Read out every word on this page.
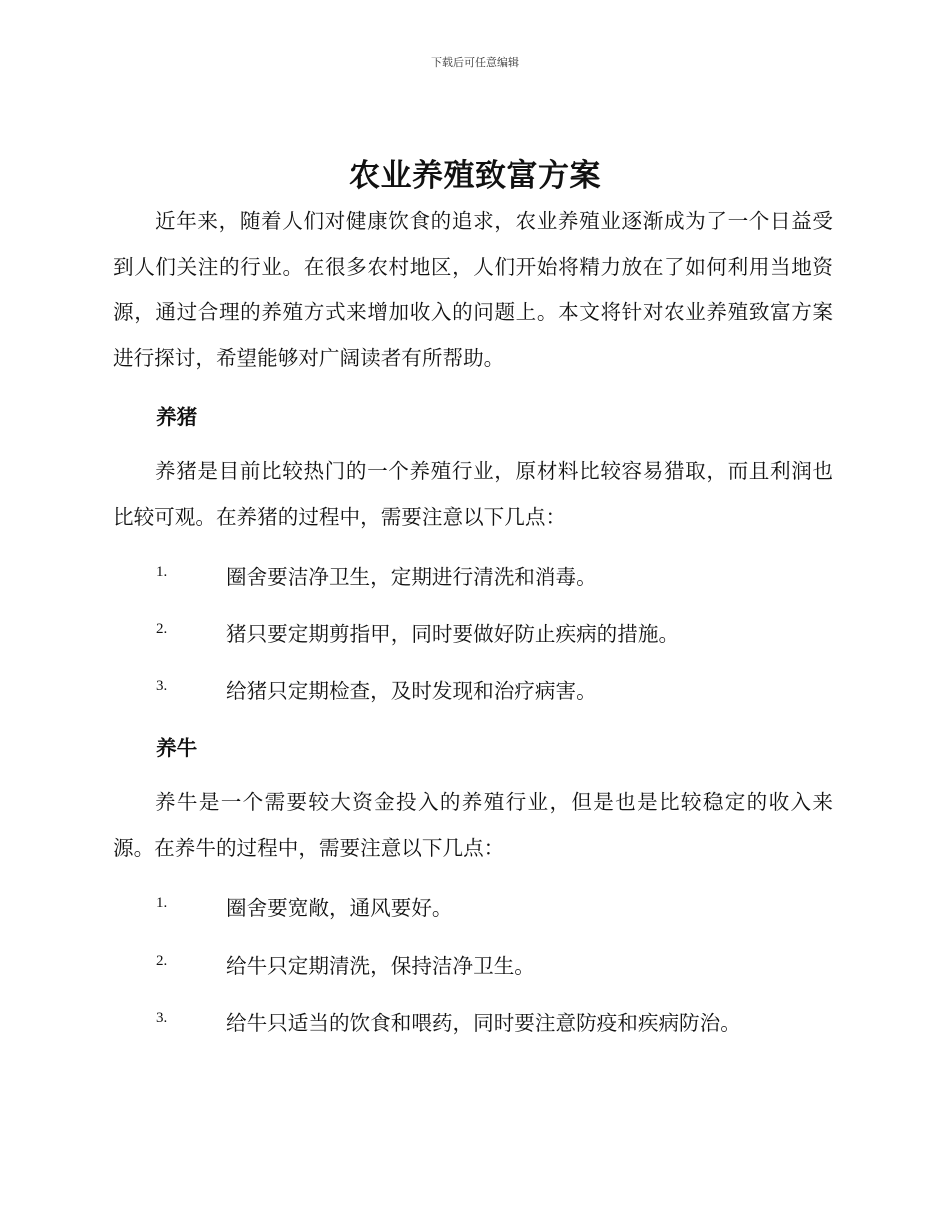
下载后可任意编辑
农业养殖致富方案

近年来，随着人们对健康饮食的追求，农业养殖业逐渐成为了一个日益受到人们关注的行业。在很多农村地区，人们开始将精力放在了如何利用当地资源，通过合理的养殖方式来增加收入的问题上。本文将针对农业养殖致富方案进行探讨，希望能够对广阔读者有所帮助。

养猪

养猪是目前比较热门的一个养殖行业，原材料比较容易猎取，而且利润也比较可观。在养猪的过程中，需要注意以下几点：

1.	圈舍要洁净卫生，定期进行清洗和消毒。
2.	猪只要定期剪指甲，同时要做好防止疾病的措施。
3.	给猪只定期检查，及时发现和治疗病害。
养牛

养牛是一个需要较大资金投入的养殖行业，但是也是比较稳定的收入来源。在养牛的过程中，需要注意以下几点：

1.	圈舍要宽敞，通风要好。
2.	给牛只定期清洗，保持洁净卫生。
3.	给牛只适当的饮食和喂药，同时要注意防疫和疾病防治。
